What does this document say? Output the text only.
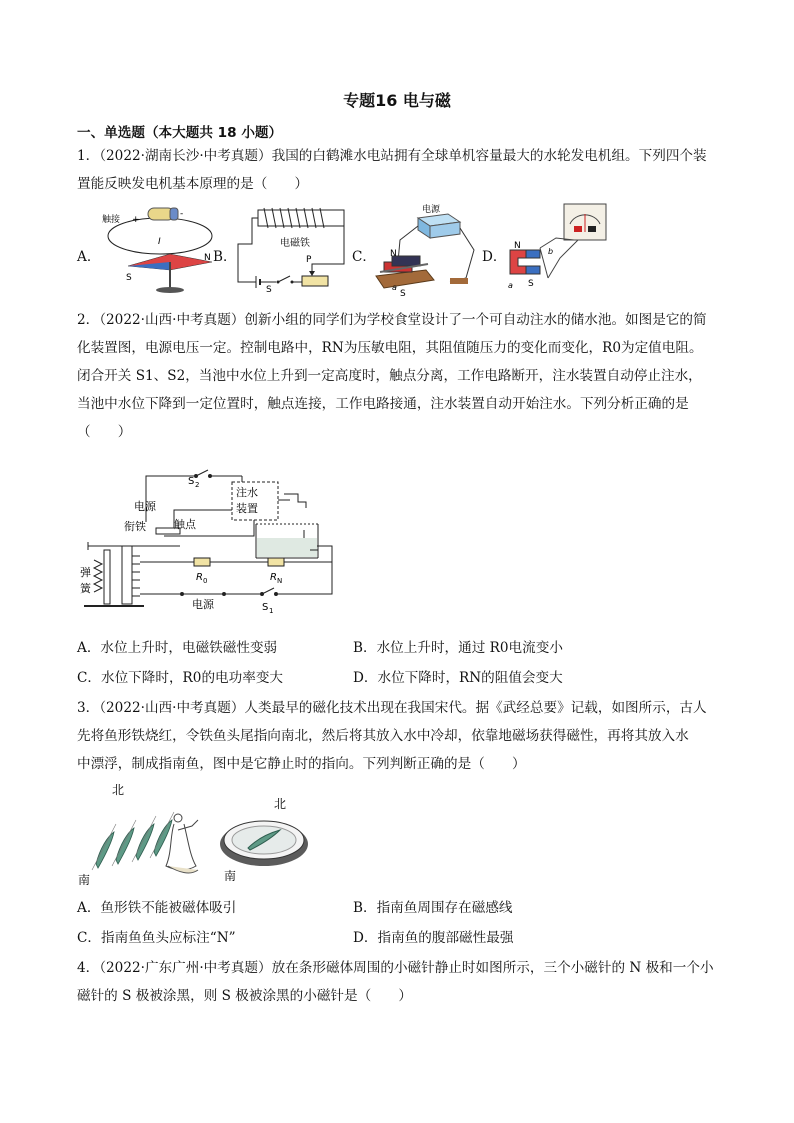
专题16 电与磁
一、单选题（本大题共 18 小题）
1．（2022·湖南长沙·中考真题）我国的白鹤滩水电站拥有全球单机容量最大的水轮发电机组。下列四个装
置能反映发电机基本原理的是（　　）
A．	B．	C．	D．
触接 +
-
I
S
N
电磁铁
S
P
电源
N
S
a
b
a
N
S
2．（2022·山西·中考真题）创新小组的同学们为学校食堂设计了一个可自动注水的储水池。如图是它的简
化装置图，电源电压一定。控制电路中，RN为压敏电阻，其阻值随压力的变化而变化，R0为定值电阻。
闭合开关 S1、S2，当池中水位上升到一定高度时，触点分离，工作电路断开，注水装置自动停止注水，
当池中水位下降到一定位置时，触点连接，工作电路接通，注水装置自动开始注水。下列分析正确的是
（　　）
S 2
电源
注水
装置
衔铁	触点
弹
簧
R 0	R N
电源	S 1
A．水位上升时，电磁铁磁性变弱	B．水位上升时，通过 R0电流变小
C．水位下降时，R0的电功率变大	D．水位下降时，RN的阻值会变大
3．（2022·山西·中考真题）人类最早的磁化技术出现在我国宋代。据《武经总要》记载，如图所示，古人
先将鱼形铁烧红，令铁鱼头尾指向南北，然后将其放入水中冷却，依靠地磁场获得磁性，再将其放入水
中漂浮，制成指南鱼，图中是它静止时的指向。下列判断正确的是（　　）
北
南
北
南
A．鱼形铁不能被磁体吸引	B．指南鱼周围存在磁感线
C．指南鱼鱼头应标注“N”	D．指南鱼的腹部磁性最强
4．（2022·广东广州·中考真题）放在条形磁体周围的小磁针静止时如图所示，三个小磁针的 N 极和一个小
磁针的 S 极被涂黑，则 S 极被涂黑的小磁针是（　　）
